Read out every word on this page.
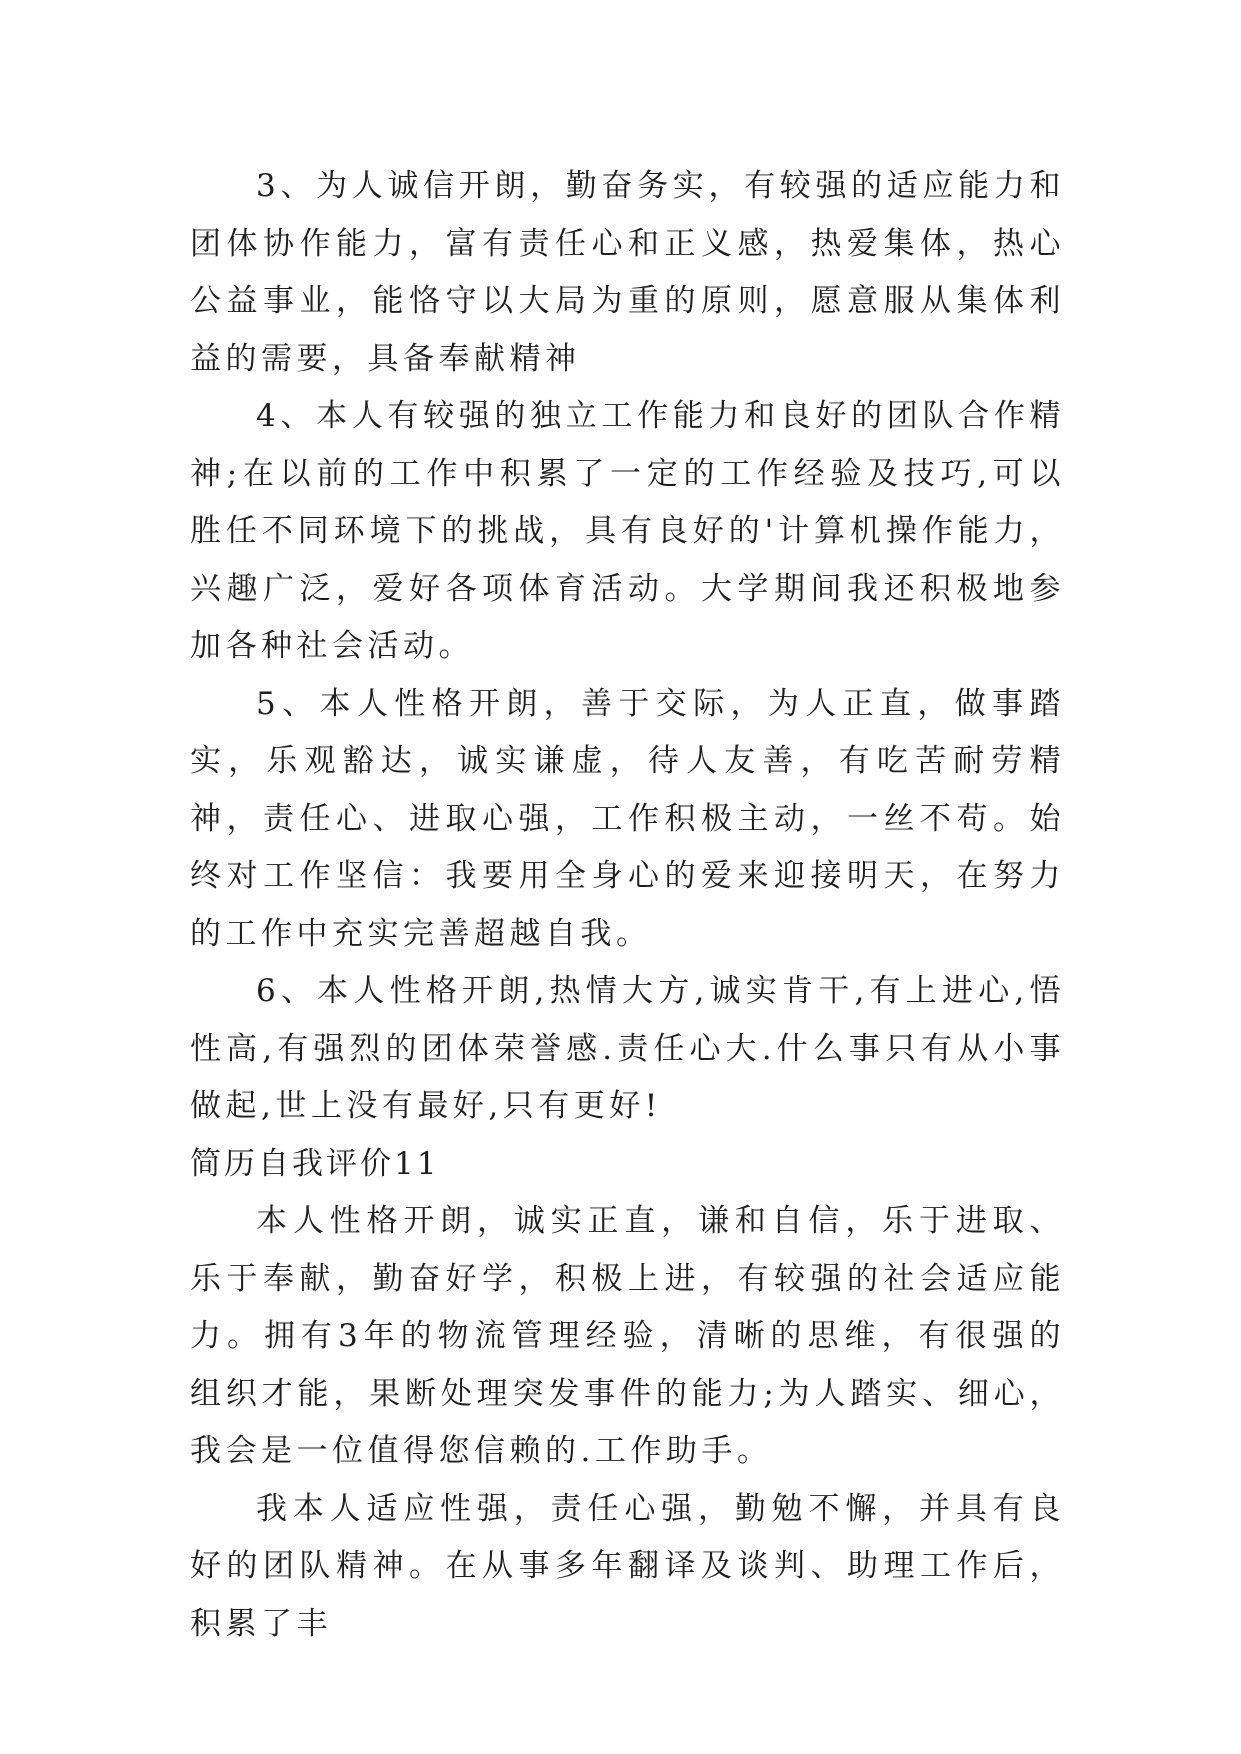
3、为人诚信开朗，勤奋务实，有较强的适应能力和团体协作能力，富有责任心和正义感，热爱集体，热心公益事业，能恪守以大局为重的原则，愿意服从集体利益的需要，具备奉献精神

4、本人有较强的独立工作能力和良好的团队合作精神;在以前的工作中积累了一定的工作经验及技巧,可以胜任不同环境下的挑战，具有良好的'计算机操作能力，兴趣广泛，爱好各项体育活动。大学期间我还积极地参加各种社会活动。

5、本人性格开朗，善于交际，为人正直，做事踏实，乐观豁达，诚实谦虚，待人友善，有吃苦耐劳精神，责任心、进取心强，工作积极主动，一丝不苟。始终对工作坚信：我要用全身心的爱来迎接明天，在努力的工作中充实完善超越自我。

6、本人性格开朗,热情大方,诚实肯干,有上进心,悟性高,有强烈的团体荣誉感.责任心大.什么事只有从小事做起,世上没有最好,只有更好!

简历自我评价11

本人性格开朗，诚实正直，谦和自信，乐于进取、乐于奉献，勤奋好学，积极上进，有较强的社会适应能力。拥有3年的物流管理经验，清晰的思维，有很强的组织才能，果断处理突发事件的能力;为人踏实、细心，我会是一位值得您信赖的.工作助手。

我本人适应性强，责任心强，勤勉不懈，并具有良好的团队精神。在从事多年翻译及谈判、助理工作后，积累了丰
